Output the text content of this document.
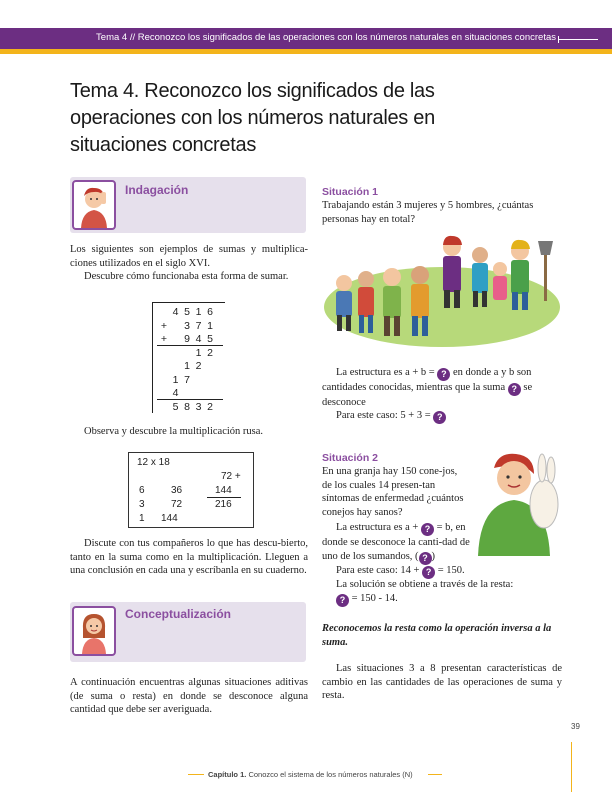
Tema 4 // Reconozco los significados de las operaciones con los números naturales en situaciones concretas
Tema 4. Reconozco los significados de las
operaciones con los números naturales en
situaciones concretas
Indagación
Los siguientes son ejemplos de sumas y multiplica-ciones utilizados en el siglo XVI.
Descubre cómo funcionaba esta forma de sumar.
4 5 1 6
+ 3 7 1
+ 9 4 5
1 2
1 2
1 7
4
5 8 3 2
Observa y descubre la multiplicación rusa.
12 x 18
6	36
3	72
1 144
72 +
144
216
Discute con tus compañeros lo que has descu-bierto, tanto en la suma como en la multiplicación. Lleguen a una conclusión en cada una y escríbanla en su cuaderno.
Conceptualización
A continuación encuentras algunas situaciones aditivas (de suma o resta) en donde se desconoce alguna cantidad que debe ser averiguada.
Situación 1
Trabajando están 3 mujeres y 5 hombres, ¿cuántas personas hay en total?
La estructura es a + b = ? en donde a y b son cantidades conocidas, mientras que la suma ? se desconoce
Para este caso: 5 + 3 = ?
Situación 2
En una granja hay 150 cone-jos, de los cuales 14 presen-tan síntomas de enfermedad ¿cuántos conejos hay sanos?
La estructura es a + ? = b, en donde se desconoce la canti-dad de uno de los sumandos, ( ? )
Para este caso: 14 + ? = 150.
La solución se obtiene a través de la resta:
? = 150 - 14.
Reconocemos la resta como la operación inversa a la suma.
Las situaciones 3 a 8 presentan características de cambio en las cantidades de las operaciones de suma y resta.
39
Capítulo 1. Conozco el sistema de los números naturales (N)
